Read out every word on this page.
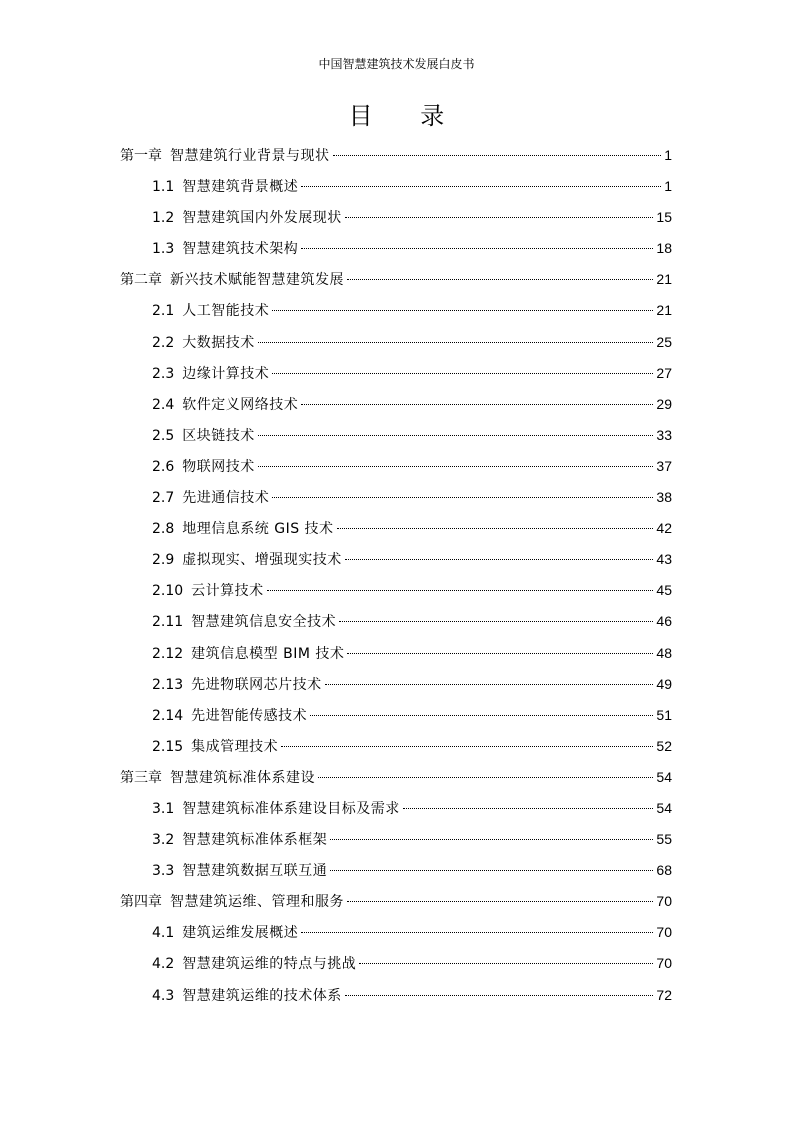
中国智慧建筑技术发展白皮书
目 录
第一章 智慧建筑行业背景与现状	1
1.1 智慧建筑背景概述	1
1.2 智慧建筑国内外发展现状	15
1.3 智慧建筑技术架构	18
第二章 新兴技术赋能智慧建筑发展	21
2.1 人工智能技术	21
2.2 大数据技术	25
2.3 边缘计算技术	27
2.4 软件定义网络技术	29
2.5 区块链技术	33
2.6 物联网技术	37
2.7 先进通信技术	38
2.8 地理信息系统 GIS 技术	42
2.9 虚拟现实、增强现实技术	43
2.10 云计算技术	45
2.11 智慧建筑信息安全技术	46
2.12 建筑信息模型 BIM 技术	48
2.13 先进物联网芯片技术	49
2.14 先进智能传感技术	51
2.15 集成管理技术	52
第三章 智慧建筑标准体系建设	54
3.1 智慧建筑标准体系建设目标及需求	54
3.2 智慧建筑标准体系框架	55
3.3 智慧建筑数据互联互通	68
第四章 智慧建筑运维、管理和服务	70
4.1 建筑运维发展概述	70
4.2 智慧建筑运维的特点与挑战	70
4.3 智慧建筑运维的技术体系	72
